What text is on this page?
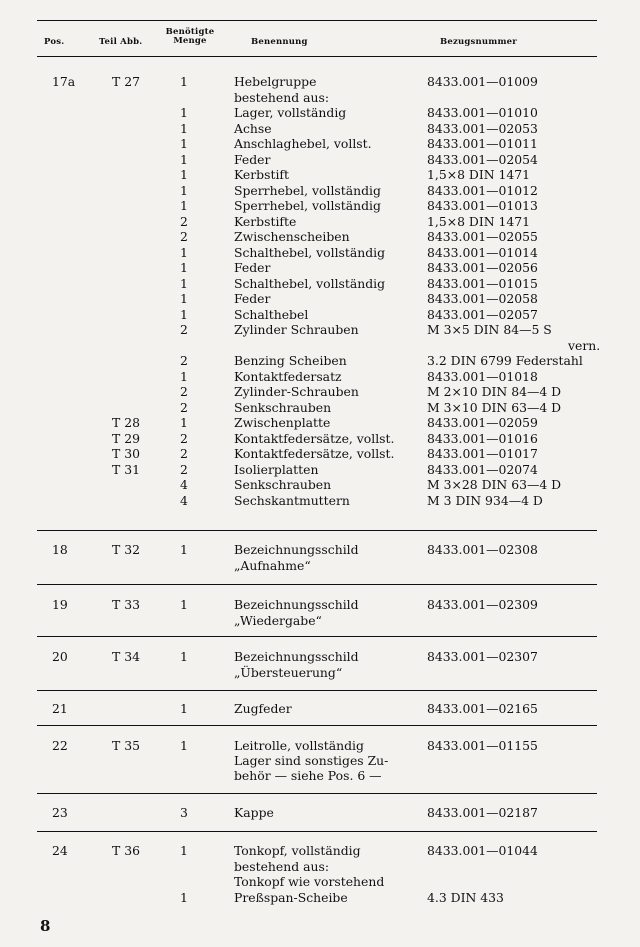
Pos.	Teil Abb.
Benötigte
Menge	Benennung	Bezugsnummer
17a	T 27	1	Hebelgruppe	8433.001—01009
bestehend aus:
1	Lager, vollständig	8433.001—01010
1	Achse	8433.001—02053
1	Anschlaghebel, vollst.	8433.001—01011
1	Feder	8433.001—02054
1	Kerbstift	1,5×8 DIN 1471
1	Sperrhebel, vollständig	8433.001—01012
1	Sperrhebel, vollständig	8433.001—01013
2	Kerbstifte	1,5×8 DIN 1471
2	Zwischenscheiben	8433.001—02055
1	Schalthebel, vollständig	8433.001—01014
1	Feder	8433.001—02056
1	Schalthebel, vollständig	8433.001—01015
1	Feder	8433.001—02058
1	Schalthebel	8433.001—02057
2	Zylinder Schrauben	M 3×5 DIN 84—5 S
vern.
2	Benzing Scheiben	3.2 DIN 6799 Federstahl
1	Kontaktfedersatz	8433.001—01018
2	Zylinder-Schrauben	M 2×10 DIN 84—4 D
2	Senkschrauben	M 3×10 DIN 63—4 D
T 28	1	Zwischenplatte	8433.001—02059
T 29	2	Kontaktfedersätze, vollst.	8433.001—01016
T 30	2	Kontaktfedersätze, vollst.	8433.001—01017
T 31	2	Isolierplatten	8433.001—02074
4	Senkschrauben	M 3×28 DIN 63—4 D
4	Sechskantmuttern	M 3 DIN 934—4 D
18	T 32	1	Bezeichnungsschild	8433.001—02308
„Aufnahme“
19	T 33	1	Bezeichnungsschild	8433.001—02309
„Wiedergabe“
20	T 34	1	Bezeichnungsschild	8433.001—02307
„Übersteuerung“
21	1	Zugfeder	8433.001—02165
22	T 35	1	Leitrolle, vollständig	8433.001—01155
Lager sind sonstiges Zu-
behör — siehe Pos. 6 —
23	3	Kappe	8433.001—02187
24	T 36	1	Tonkopf, vollständig	8433.001—01044
bestehend aus:
Tonkopf wie vorstehend
1	Preßspan-Scheibe	4.3 DIN 433
8
